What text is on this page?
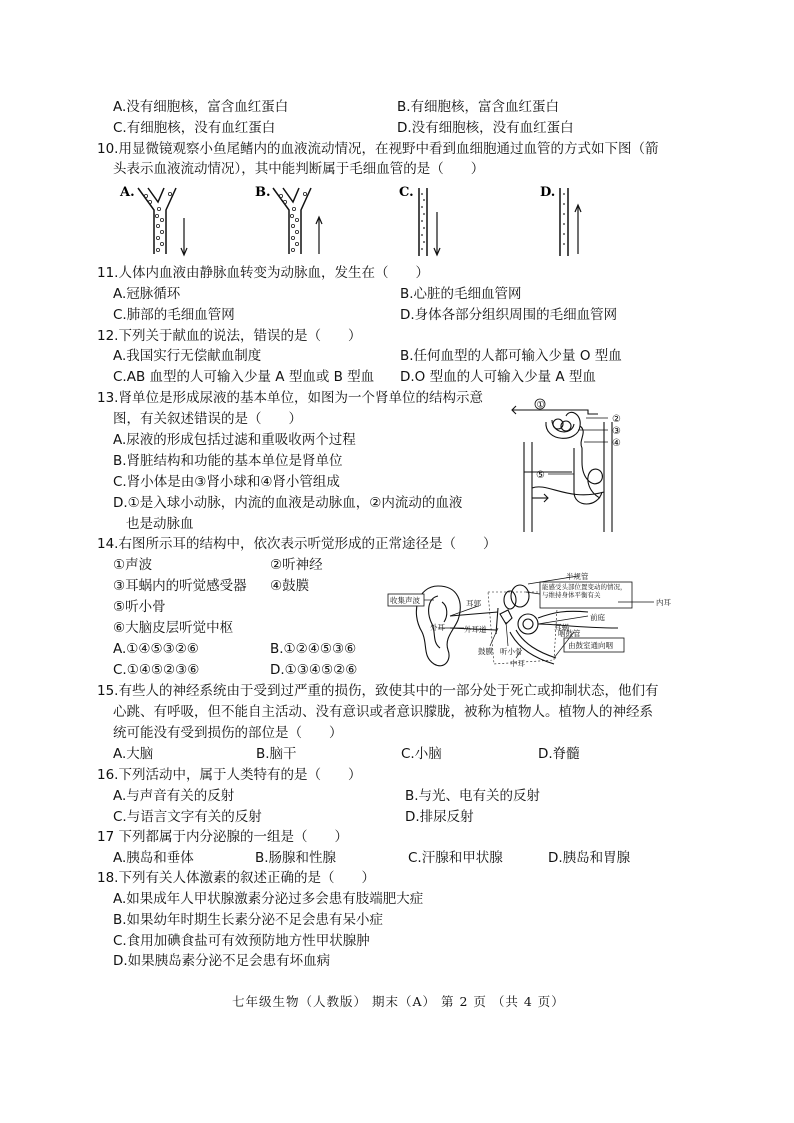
A.没有细胞核，富含血红蛋白	B.有细胞核，富含血红蛋白
C.有细胞核，没有血红蛋白	D.没有细胞核，没有血红蛋白
10.用显微镜观察小鱼尾鳍内的血液流动情况，在视野中看到血细胞通过血管的方式如下图（箭
头表示血液流动情况），其中能判断属于毛细血管的是（　　）
A.	B.	C.	D.
11.人体内血液由静脉血转变为动脉血，发生在（　　）
A.冠脉循环	B.心脏的毛细血管网
C.肺部的毛细血管网	D.身体各部分组织周围的毛细血管网
12.下列关于献血的说法，错误的是（　　）
A.我国实行无偿献血制度	B.任何血型的人都可输入少量 O 型血
C.AB 血型的人可输入少量 A 型血或 B 型血 D.O 型血的人可输入少量 A 型血
13.肾单位是形成尿液的基本单位，如图为一个肾单位的结构示意
图，有关叙述错误的是（　　）
A.尿液的形成包括过滤和重吸收两个过程
B.肾脏结构和功能的基本单位是肾单位
C.肾小体是由③肾小球和④肾小管组成
D.①是入球小动脉，内流的血液是动脉血，②内流动的血液
也是动脉血
①
②
③
④
⑤
14.右图所示耳的结构中，依次表示听觉形成的正常途径是（　　）
①声波	②听神经
③耳蜗内的听觉感受器 ④鼓膜
⑤听小骨
⑥大脑皮层听觉中枢
A.①④⑤③②⑥	B.①②④⑤③⑥
C.①④⑤②③⑥	D.①③④⑤②⑥
半规管
能感受头部位置变动的情况，与维持身体平衡有关
收集声波	内耳
前庭
耳蜗
耳郭
外耳道
外耳
鼓膜 听小骨
中耳
咽鼓管
由鼓室通向咽
15.有些人的神经系统由于受到过严重的损伤，致使其中的一部分处于死亡或抑制状态，他们有
心跳、有呼吸，但不能自主活动、没有意识或者意识朦胧，被称为植物人。植物人的神经系
统可能没有受到损伤的部位是（　　）
A.大脑	B.脑干	C.小脑	D.脊髓
16.下列活动中，属于人类特有的是（　　）
A.与声音有关的反射	B.与光、电有关的反射
C.与语言文字有关的反射	D.排尿反射
17 下列都属于内分泌腺的一组是（　　）
A.胰岛和垂体	B.肠腺和性腺	C.汗腺和甲状腺	D.胰岛和胃腺
18.下列有关人体激素的叙述正确的是（　　）
A.如果成年人甲状腺激素分泌过多会患有肢端肥大症
B.如果幼年时期生长素分泌不足会患有呆小症
C.食用加碘食盐可有效预防地方性甲状腺肿
D.如果胰岛素分泌不足会患有坏血病
七年级生物（人教版） 期末（A） 第 2 页 （共 4 页）
